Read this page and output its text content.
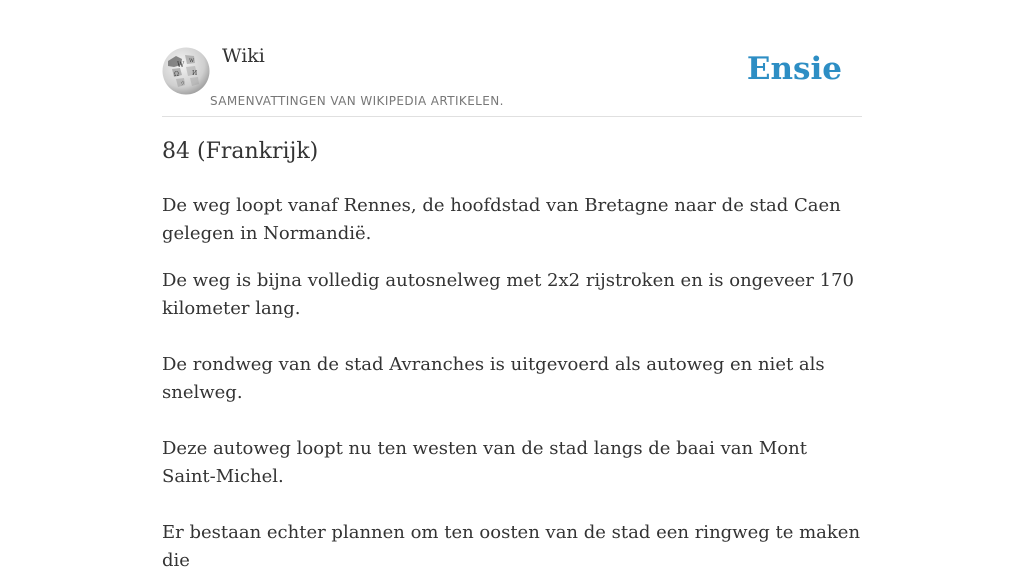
W
w
Ω И
ウ
Wiki
SAMENVATTINGEN VAN WIKIPEDIA ARTIKELEN.
Ensie
84 (Frankrijk)

De weg loopt vanaf Rennes, de hoofdstad van Bretagne naar de stad Caen gelegen in Normandië.

De weg is bijna volledig autosnelweg met 2x2 rijstroken en is ongeveer 170 kilometer lang.

De rondweg van de stad Avranches is uitgevoerd als autoweg en niet als snelweg.

Deze autoweg loopt nu ten westen van de stad langs de baai van Mont Saint-Michel.

Er bestaan echter plannen om ten oosten van de stad een ringweg te maken die
